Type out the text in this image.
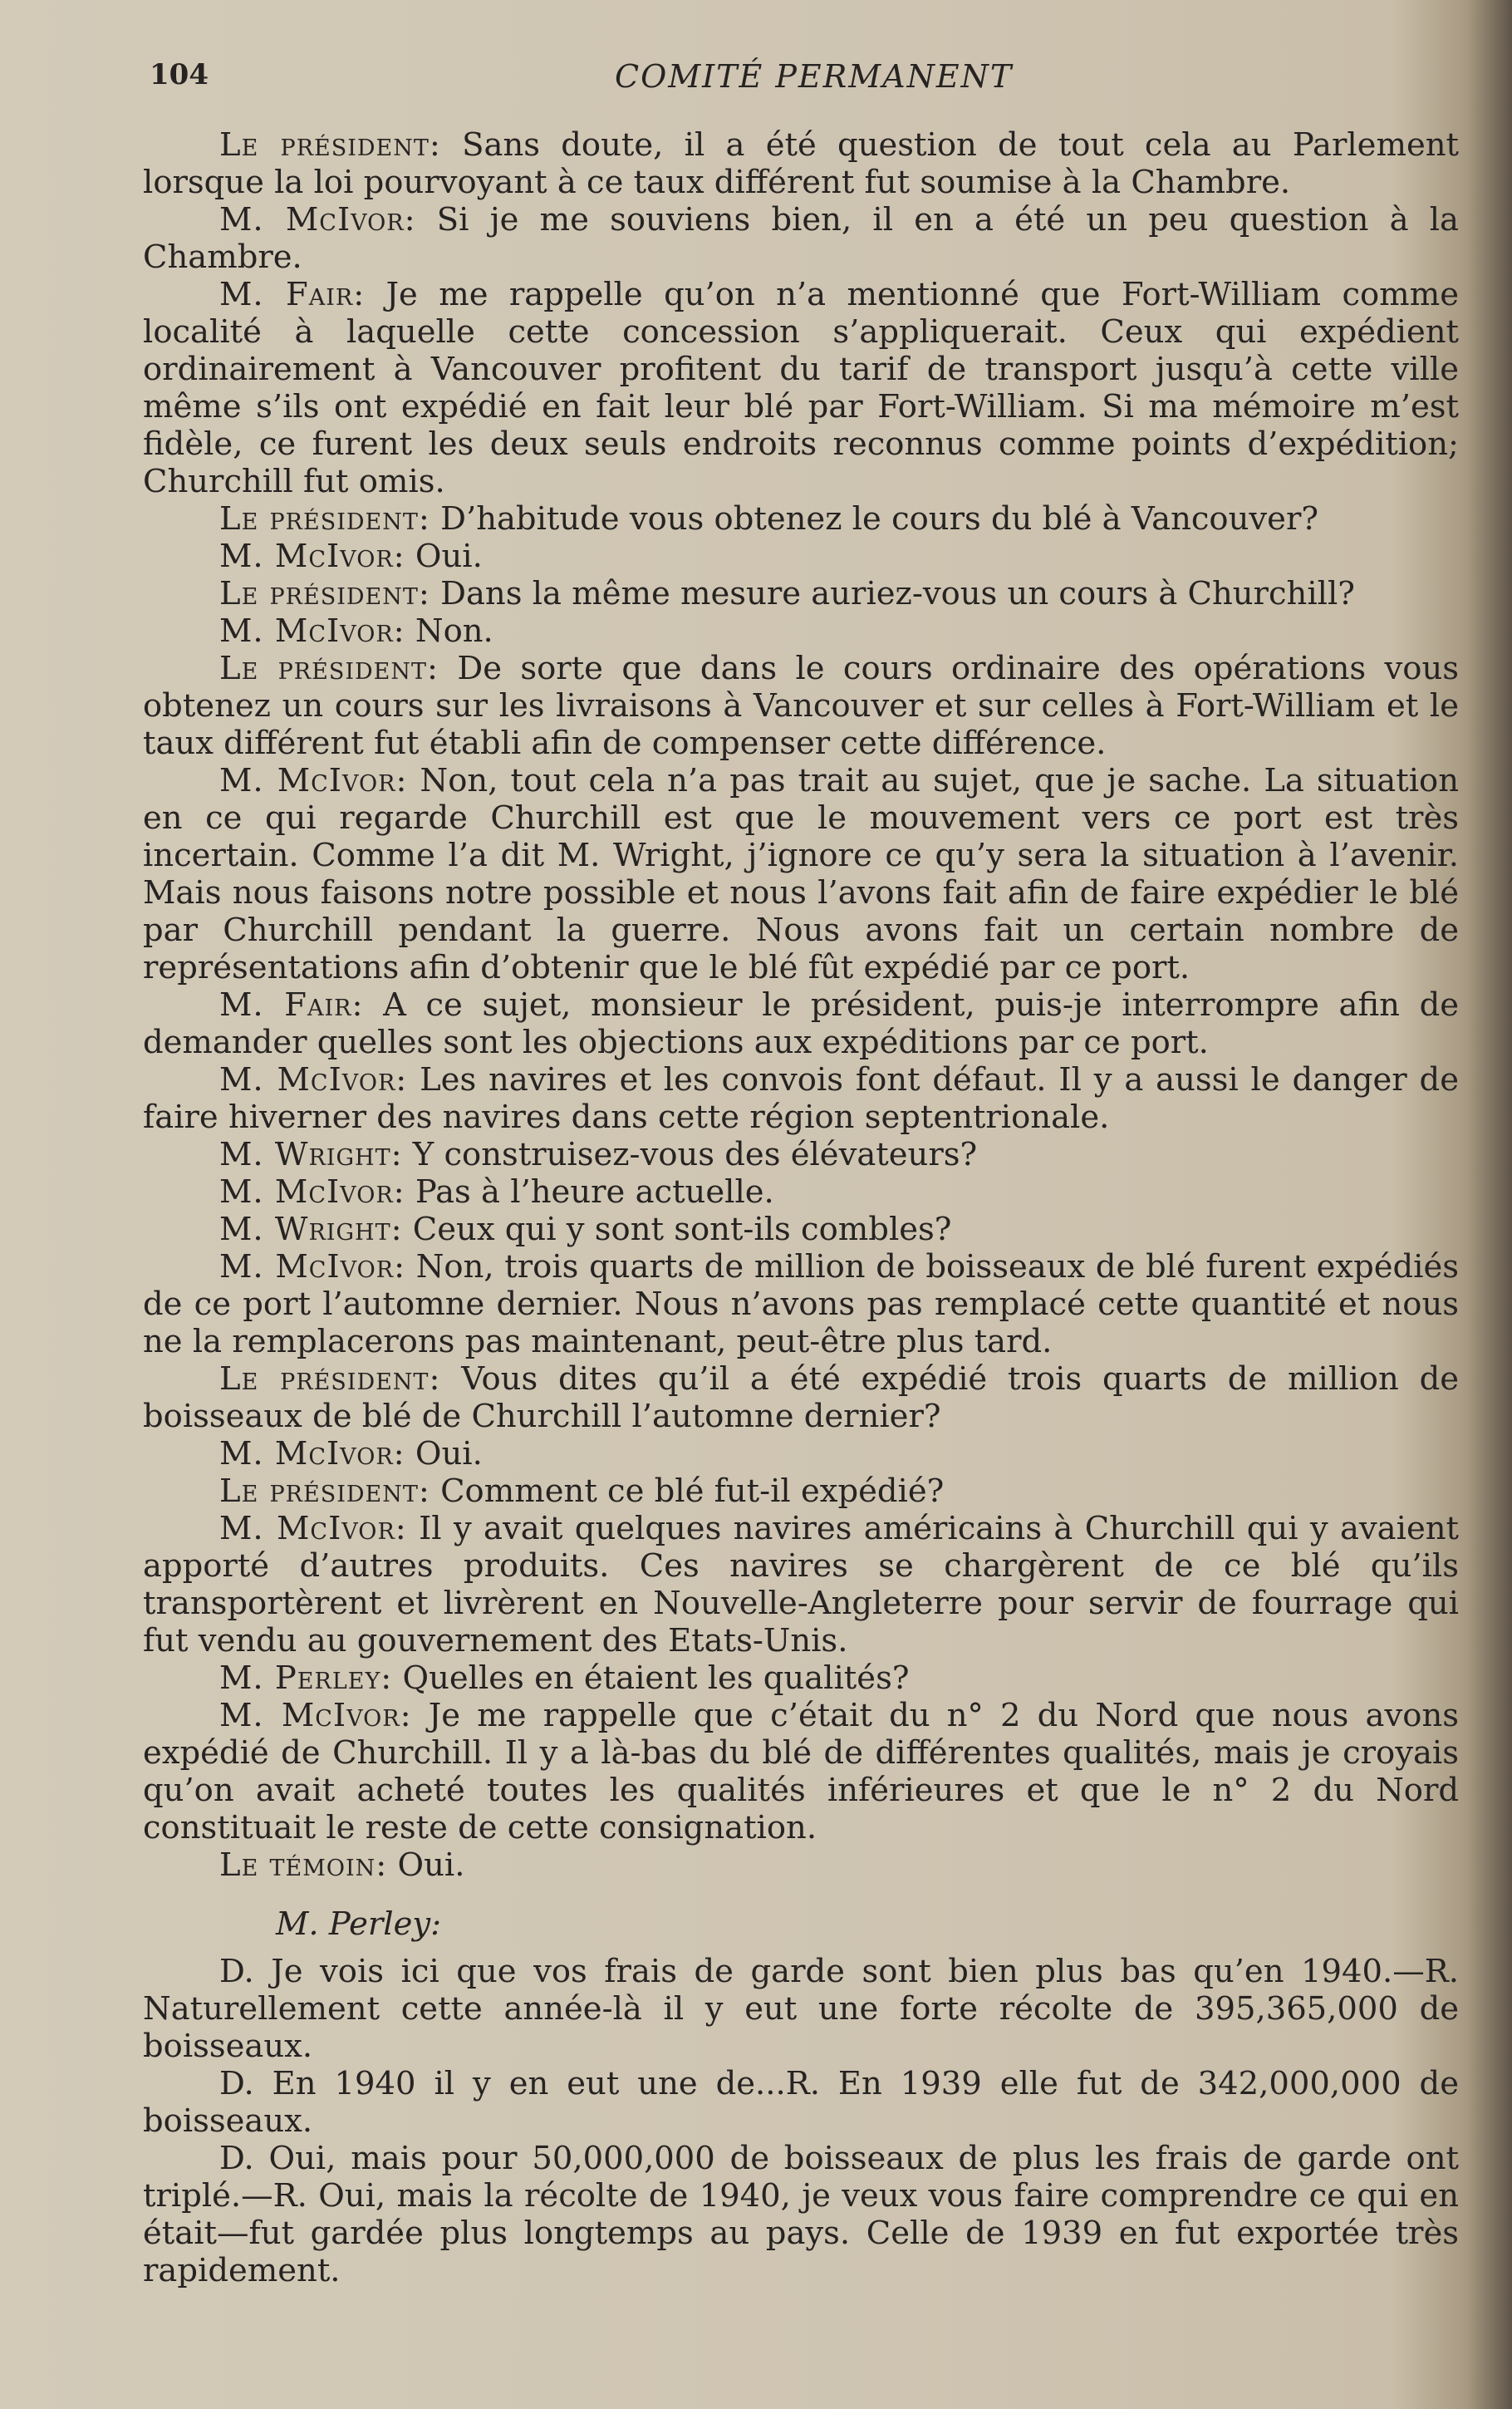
104	COMITÉ PERMANENT

Le président: Sans doute, il a été question de tout cela au Parlement lorsque la loi pourvoyant à ce taux différent fut soumise à la Chambre.

M. McIvor: Si je me souviens bien, il en a été un peu question à la Chambre.

M. Fair: Je me rappelle qu’on n’a mentionné que Fort-William comme localité à laquelle cette concession s’appliquerait. Ceux qui expédient ordinairement à Vancouver profitent du tarif de transport jusqu’à cette ville même s’ils ont expédié en fait leur blé par Fort-William. Si ma mémoire m’est fidèle, ce furent les deux seuls endroits reconnus comme points d’expédition; Churchill fut omis.

Le président: D’habitude vous obtenez le cours du blé à Vancouver?

M. McIvor: Oui.

Le président: Dans la même mesure auriez-vous un cours à Churchill?

M. McIvor: Non.

Le président: De sorte que dans le cours ordinaire des opérations vous obtenez un cours sur les livraisons à Vancouver et sur celles à Fort-William et le taux différent fut établi afin de compenser cette différence.

M. McIvor: Non, tout cela n’a pas trait au sujet, que je sache. La situation en ce qui regarde Churchill est que le mouvement vers ce port est très incertain. Comme l’a dit M. Wright, j’ignore ce qu’y sera la situation à l’avenir. Mais nous faisons notre possible et nous l’avons fait afin de faire expédier le blé par Churchill pendant la guerre. Nous avons fait un certain nombre de représentations afin d’obtenir que le blé fût expédié par ce port.

M. Fair: A ce sujet, monsieur le président, puis-je interrompre afin de demander quelles sont les objections aux expéditions par ce port.

M. McIvor: Les navires et les convois font défaut. Il y a aussi le danger de faire hiverner des navires dans cette région septentrionale.

M. Wright: Y construisez-vous des élévateurs?

M. McIvor: Pas à l’heure actuelle.

M. Wright: Ceux qui y sont sont-ils combles?

M. McIvor: Non, trois quarts de million de boisseaux de blé furent expédiés de ce port l’automne dernier. Nous n’avons pas remplacé cette quantité et nous ne la remplacerons pas maintenant, peut-être plus tard.

Le président: Vous dites qu’il a été expédié trois quarts de million de boisseaux de blé de Churchill l’automne dernier?

M. McIvor: Oui.

Le président: Comment ce blé fut-il expédié?

M. McIvor: Il y avait quelques navires américains à Churchill qui y avaient apporté d’autres produits. Ces navires se chargèrent de ce blé qu’ils transportèrent et livrèrent en Nouvelle-Angleterre pour servir de fourrage qui fut vendu au gouvernement des Etats-Unis.

M. Perley: Quelles en étaient les qualités?

M. McIvor: Je me rappelle que c’était du n° 2 du Nord que nous avons expédié de Churchill. Il y a là-bas du blé de différentes qualités, mais je croyais qu’on avait acheté toutes les qualités inférieures et que le n° 2 du Nord constituait le reste de cette consignation.

Le témoin: Oui.

M. Perley:

D. Je vois ici que vos frais de garde sont bien plus bas qu’en 1940.—R. Naturellement cette année-là il y eut une forte récolte de 395,365,000 de boisseaux.

D. En 1940 il y en eut une de...R. En 1939 elle fut de 342,000,000 de boisseaux.

D. Oui, mais pour 50,000,000 de boisseaux de plus les frais de garde ont triplé.—R. Oui, mais la récolte de 1940, je veux vous faire comprendre ce qui en était—fut gardée plus longtemps au pays. Celle de 1939 en fut exportée très rapidement.
